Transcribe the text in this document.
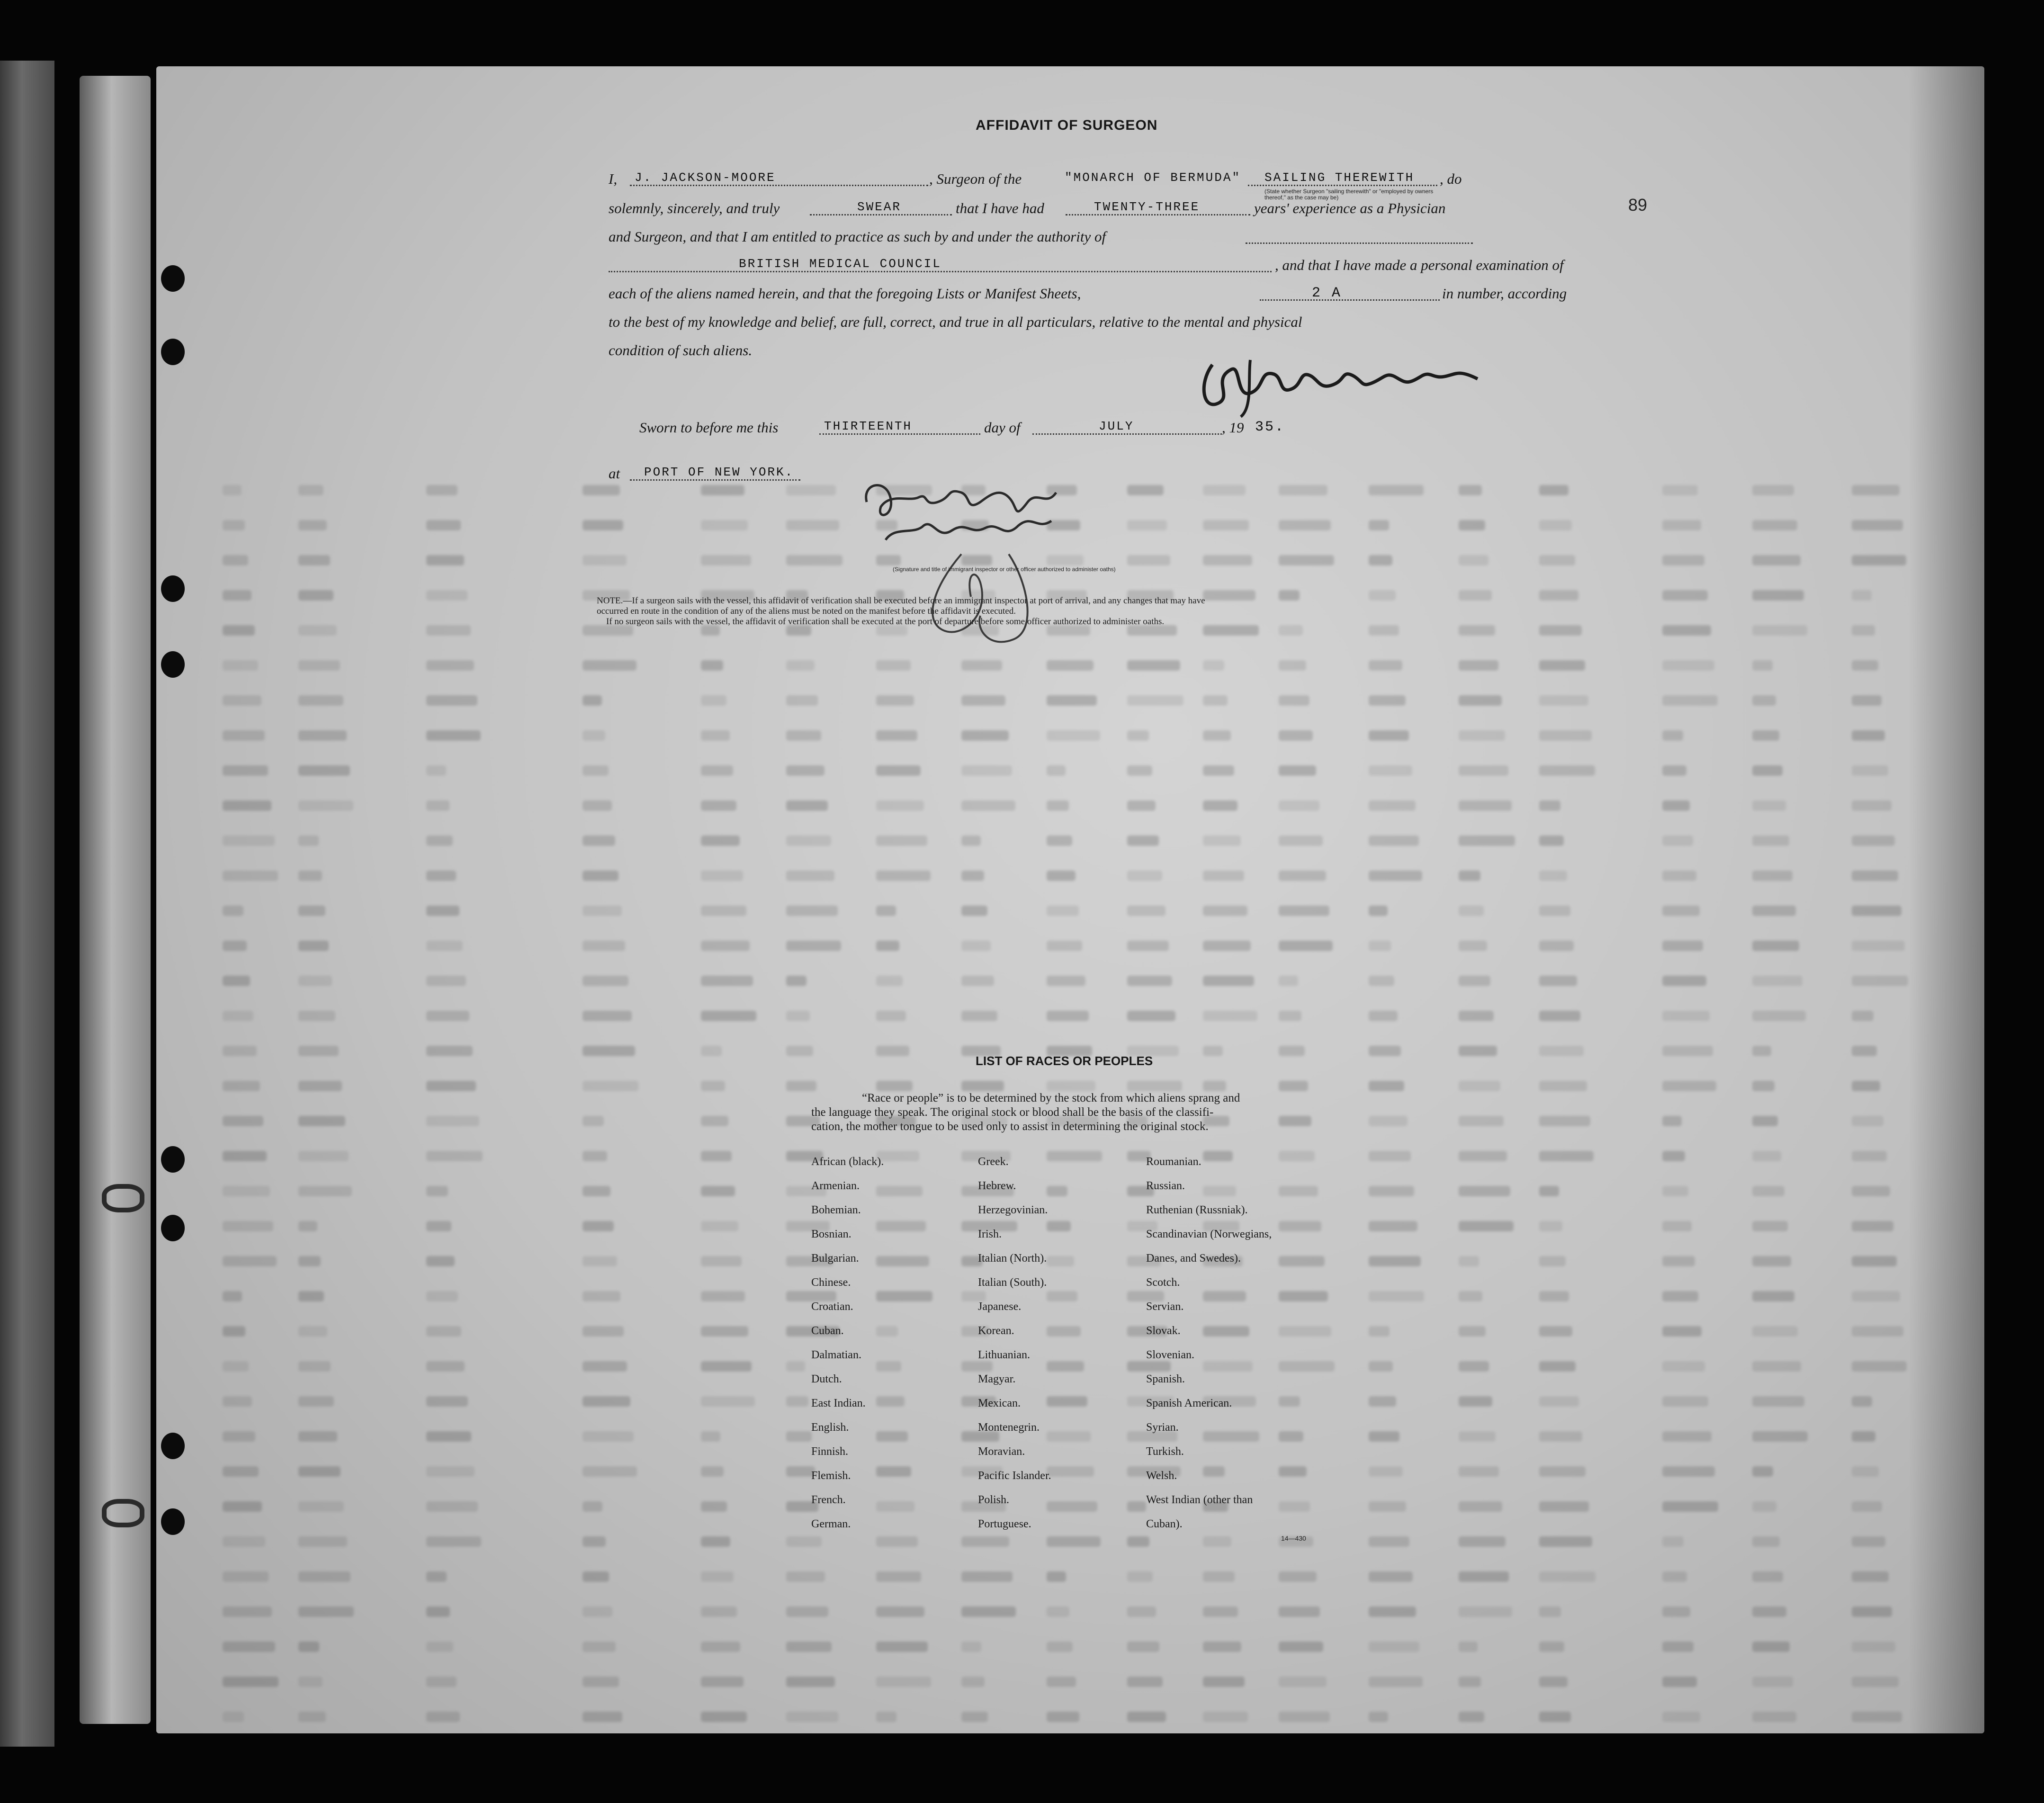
89
AFFIDAVIT OF SURGEON
I, J. JACKSON-MOORE	, Surgeon of the	"MONARCH OF BERMUDA" SAILING THEREWITH , do
(State whether Surgeon "sailing therewith" or "employed by owners thereof," as the case may be)
solemnly, sincerely, and truly	SWEAR	that I have had	TWENTY-THREE	years' experience as a Physician
and Surgeon, and that I am entitled to practice as such by and under the authority of
BRITISH MEDICAL COUNCIL	, and that I have made a personal examination of
each of the aliens named herein, and that the foregoing Lists or Manifest Sheets,	2 A	in number, according
to the best of my knowledge and belief, are full, correct, and true in all particulars, relative to the mental and physical
condition of such aliens.
Sworn to before me this	THIRTEENTH	day of	JULY	, 19 35.
at PORT OF NEW YORK.
(Signature and title of immigrant inspector or other officer authorized to administer oaths)
NOTE.—If a surgeon sails with the vessel, this affidavit of verification shall be executed before an immigrant inspector at port of arrival, and any changes that may have
occurred en route in the condition of any of the aliens must be noted on the manifest before the affidavit is executed.
If no surgeon sails with the vessel, the affidavit of verification shall be executed at the port of departure before some officer authorized to administer oaths.
LIST OF RACES OR PEOPLES
“Race or people” is to be determined by the stock from which aliens sprang and
the language they speak. The original stock or blood shall be the basis of the classifi-
cation, the mother tongue to be used only to assist in determining the original stock.
African (black).
Armenian.
Bohemian.
Bosnian.
Bulgarian.
Chinese.
Croatian.
Cuban.
Dalmatian.
Dutch.
East Indian.
English.
Finnish.
Flemish.
French.
German.
Greek.
Hebrew.
Herzegovinian.
Irish.
Italian (North).
Italian (South).
Japanese.
Korean.
Lithuanian.
Magyar.
Mexican.
Montenegrin.
Moravian.
Pacific Islander.
Polish.
Portuguese.
Roumanian.
Russian.
Ruthenian (Russniak).
Scandinavian (Norwegians,
Danes, and Swedes).
Scotch.
Servian.
Slovak.
Slovenian.
Spanish.
Spanish American.
Syrian.
Turkish.
Welsh.
West Indian (other than
Cuban).
14—430
